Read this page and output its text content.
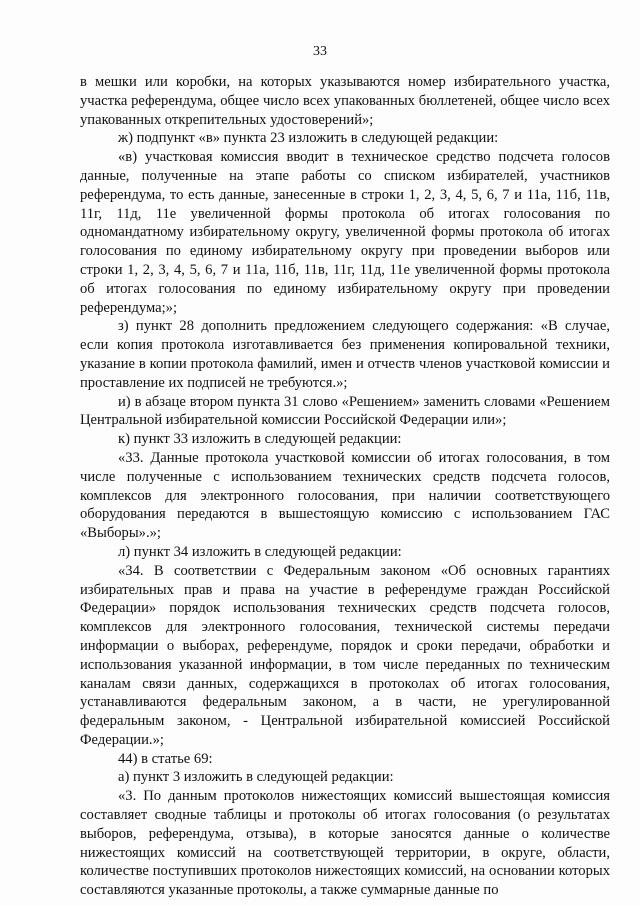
33

в мешки или коробки, на которых указываются номер избирательного участка, участка референдума, общее число всех упакованных бюллетеней, общее число всех упакованных открепительных удостоверений»;

ж) подпункт «в» пункта 23 изложить в следующей редакции:

«в) участковая комиссия вводит в техническое средство подсчета голосов данные, полученные на этапе работы со списком избирателей, участников референдума, то есть данные, занесенные в строки 1, 2, 3, 4, 5, 6, 7 и 11а, 11б, 11в, 11г, 11д, 11е увеличенной формы протокола об итогах голосования по одномандатному избирательному округу, увеличенной формы протокола об итогах голосования по единому избирательному округу при проведении выборов или строки 1, 2, 3, 4, 5, 6, 7 и 11а, 11б, 11в, 11г, 11д, 11е увеличенной формы протокола об итогах голосования по единому избирательному округу при проведении референдума;»;

з) пункт 28 дополнить предложением следующего содержания: «В случае, если копия протокола изготавливается без применения копировальной техники, указание в копии протокола фамилий, имен и отчеств членов участковой комиссии и проставление их подписей не требуются.»;

и) в абзаце втором пункта 31 слово «Решением» заменить словами «Решением Центральной избирательной комиссии Российской Федерации или»;

к) пункт 33 изложить в следующей редакции:

«33. Данные протокола участковой комиссии об итогах голосования, в том числе полученные с использованием технических средств подсчета голосов, комплексов для электронного голосования, при наличии соответствующего оборудования передаются в вышестоящую комиссию с использованием ГАС «Выборы».»;

л) пункт 34 изложить в следующей редакции:

«34. В соответствии с Федеральным законом «Об основных гарантиях избирательных прав и права на участие в референдуме граждан Российской Федерации» порядок использования технических средств подсчета голосов, комплексов для электронного голосования, технической системы передачи информации о выборах, референдуме, порядок и сроки передачи, обработки и использования указанной информации, в том числе переданных по техническим каналам связи данных, содержащихся в протоколах об итогах голосования, устанавливаются федеральным законом, а в части, не урегулированной федеральным законом, - Центральной избирательной комиссией Российской Федерации.»;

44) в статье 69:

а) пункт 3 изложить в следующей редакции:

«3. По данным протоколов нижестоящих комиссий вышестоящая комиссия составляет сводные таблицы и протоколы об итогах голосования (о результатах выборов, референдума, отзыва), в которые заносятся данные о количестве нижестоящих комиссий на соответствующей территории, в округе, области, количестве поступивших протоколов нижестоящих комиссий, на основании которых составляются указанные протоколы, а также суммарные данные по
